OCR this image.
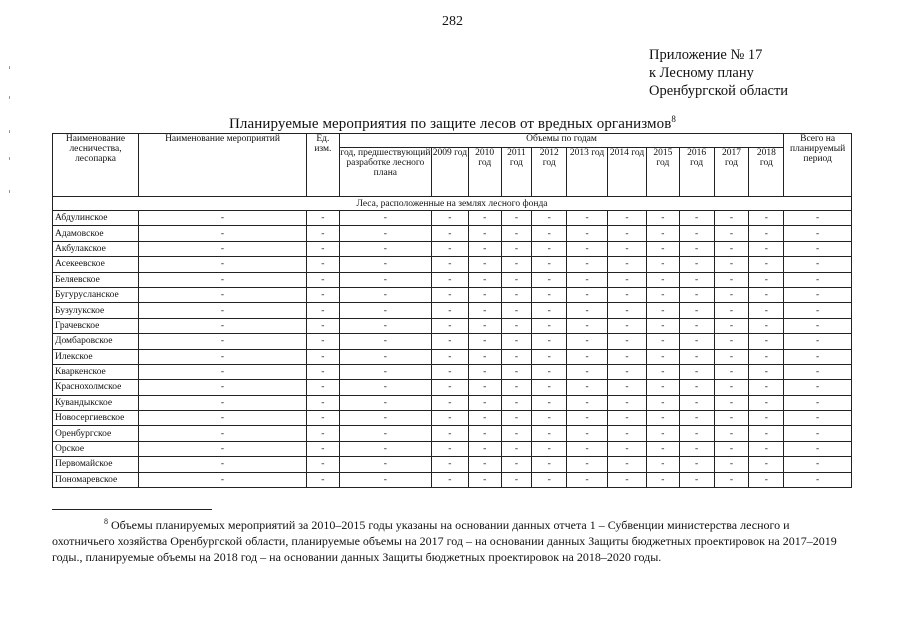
282
Приложение № 17
к Лесному плану
Оренбургской области
Планируемые мероприятия по защите лесов от вредных организмов$^8$
Наименование лесничества, лесопарка	Наименование мероприятий	Ед. изм.	Объемы по годам											Всего на планируемый период
			год, предшествующий разработке лесного плана	2009 год	2010 год	2011 год	2012 год	2013 год	2014 год	2015 год	2016 год	2017 год	2018 год	
Леса, расположенные на землях лесного фонда														
Абдулинское	-	-	-	-	-	-	-	-	-	-	-	-	-	-
Адамовское	-	-	-	-	-	-	-	-	-	-	-	-	-	-
Акбулакское	-	-	-	-	-	-	-	-	-	-	-	-	-	-
Асекеевское	-	-	-	-	-	-	-	-	-	-	-	-	-	-
Беляевское	-	-	-	-	-	-	-	-	-	-	-	-	-	-
Бугурусланское	-	-	-	-	-	-	-	-	-	-	-	-	-	-
Бузулукское	-	-	-	-	-	-	-	-	-	-	-	-	-	-
Грачевское	-	-	-	-	-	-	-	-	-	-	-	-	-	-
Домбаровское	-	-	-	-	-	-	-	-	-	-	-	-	-	-
Илекское	-	-	-	-	-	-	-	-	-	-	-	-	-	-
Кваркенское	-	-	-	-	-	-	-	-	-	-	-	-	-	-
Краснохолмское	-	-	-	-	-	-	-	-	-	-	-	-	-	-
Кувандыкское	-	-	-	-	-	-	-	-	-	-	-	-	-	-
Новосергиевское	-	-	-	-	-	-	-	-	-	-	-	-	-	-
Оренбургское	-	-	-	-	-	-	-	-	-	-	-	-	-	-
Орское	-	-	-	-	-	-	-	-	-	-	-	-	-	-
Первомайское	-	-	-	-	-	-	-	-	-	-	-	-	-	-
Пономаревское	-	-	-	-	-	-	-	-	-	-	-	-	-	-
$^8$ Объемы планируемых мероприятий за 2010–2015 годы указаны на основании данных отчета 1 – Субвенции министерства лесного и охотничьего хозяйства Оренбургской области, планируемые объемы на 2017 год – на основании данных Защиты бюджетных проектировок на 2017–2019 годы., планируемые объемы на 2018 год – на основании данных Защиты бюджетных проектировок на 2018–2020 годы.
